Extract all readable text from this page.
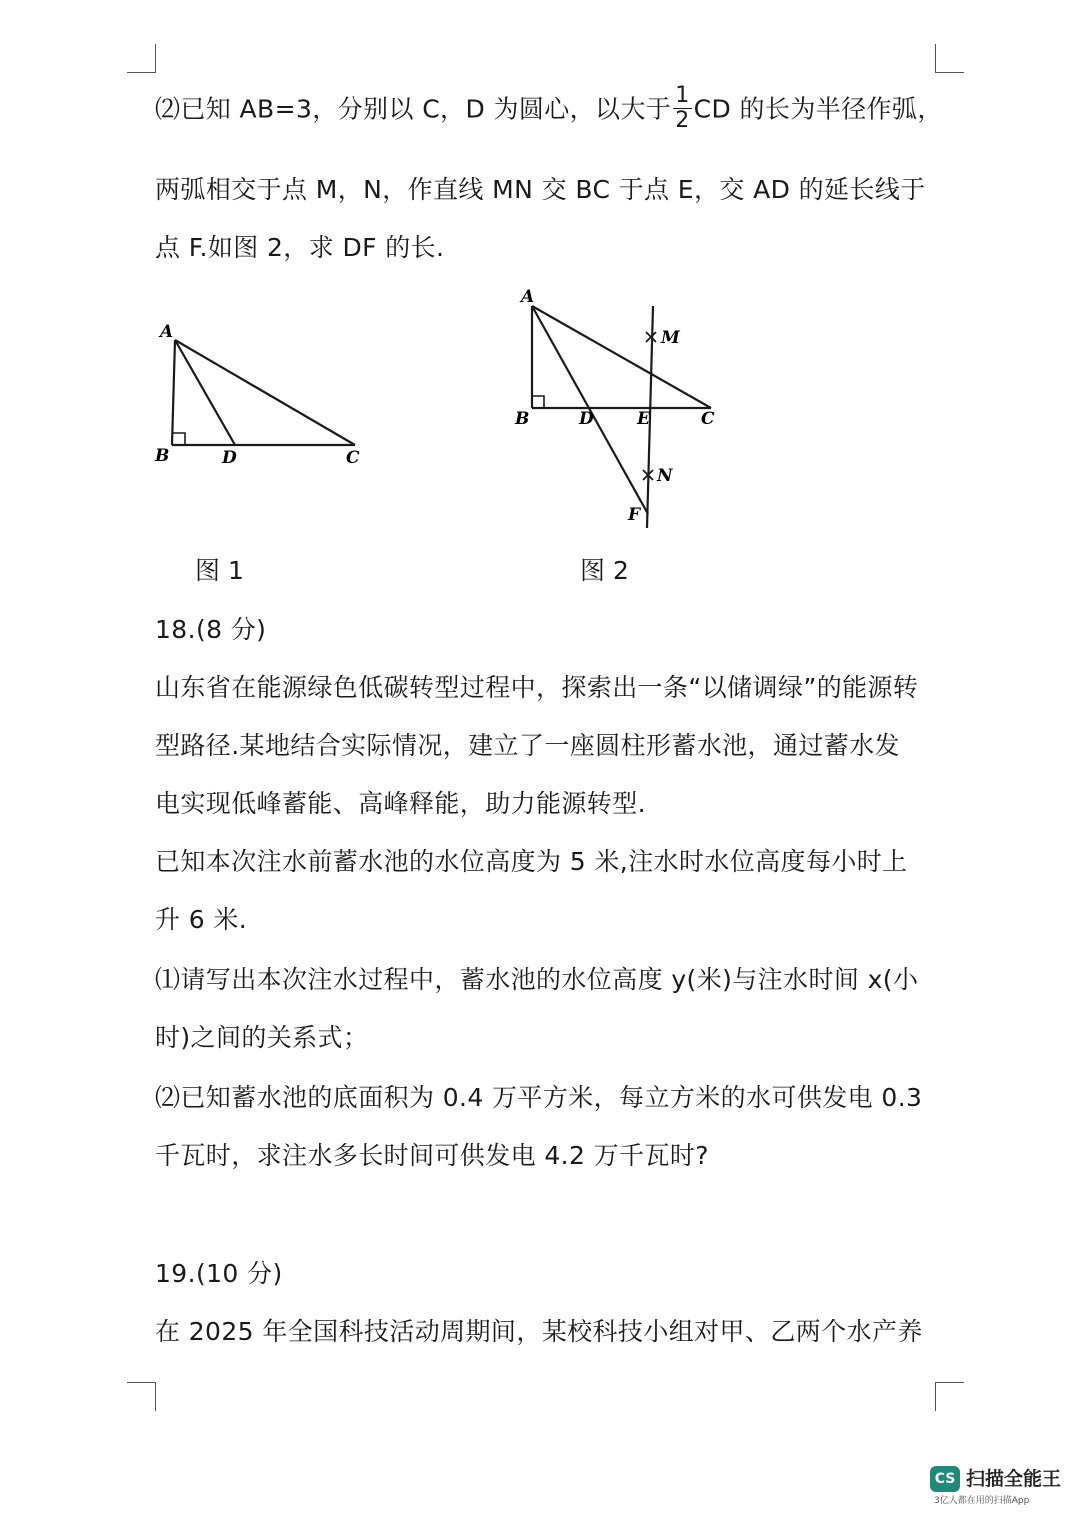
⑵已知 AB=3，分别以 C，D 为圆心，以大于 $\frac{1}{2}$ CD 的长为半径作弧，
两弧相交于点 M，N，作直线 MN 交 BC 于点 E，交 AD 的延长线于
点 F.如图 2，求 DF 的长.
A
B	D	C
图 1
A
B	D	E	C
M
N
F
图 2
18.(8 分)
山东省在能源绿色低碳转型过程中，探索出一条“以储调绿”的能源转
型路径.某地结合实际情况，建立了一座圆柱形蓄水池，通过蓄水发
电实现低峰蓄能、高峰释能，助力能源转型.
已知本次注水前蓄水池的水位高度为 5 米,注水时水位高度每小时上
升 6 米.
⑴请写出本次注水过程中，蓄水池的水位高度 y(米)与注水时间 x(小
时)之间的关系式；
⑵已知蓄水池的底面积为 0.4 万平方米，每立方米的水可供发电 0.3
千瓦时，求注水多长时间可供发电 4.2 万千瓦时?
19.(10 分)
在 2025 年全国科技活动周期间，某校科技小组对甲、乙两个水产养
CS 扫描全能王
3亿人都在用的扫描App
